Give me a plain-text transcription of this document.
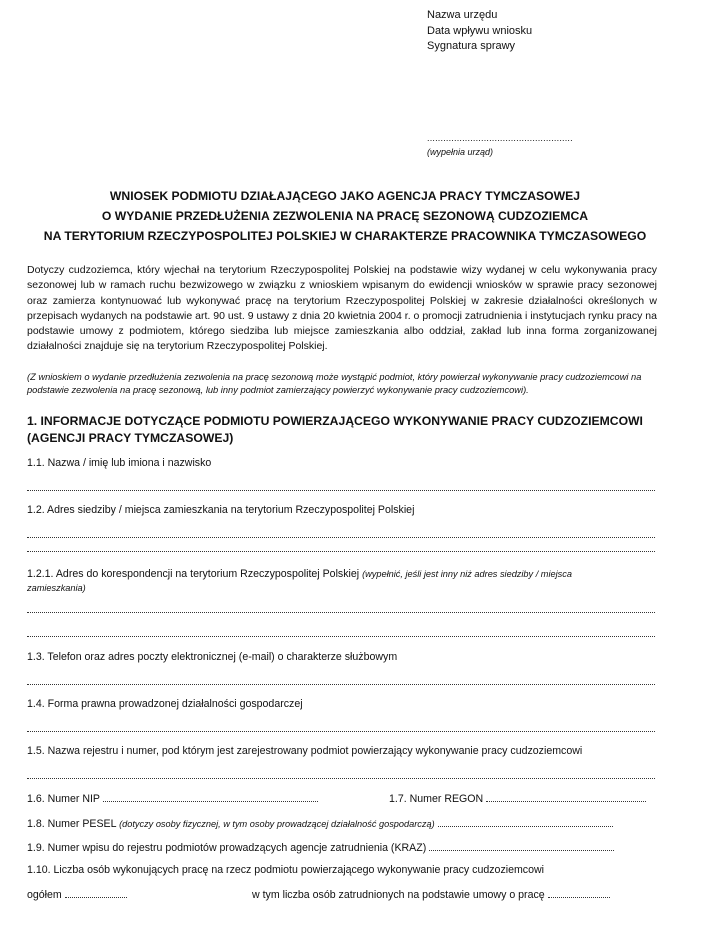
Nazwa urzędu
Data wpływu wniosku
Sygnatura sprawy
......................................................
(wypełnia urząd)
WNIOSEK PODMIOTU DZIAŁAJĄCEGO JAKO AGENCJA PRACY TYMCZASOWEJ
O WYDANIE PRZEDŁUŻENIA ZEZWOLENIA NA PRACĘ SEZONOWĄ CUDZOZIEMCA
NA TERYTORIUM RZECZYPOSPOLITEJ POLSKIEJ W CHARAKTERZE PRACOWNIKA TYMCZASOWEGO
Dotyczy cudzoziemca, który wjechał na terytorium Rzeczypospolitej Polskiej na podstawie wizy wydanej w celu wykonywania pracy sezonowej lub w ramach ruchu bezwizowego w związku z wnioskiem wpisanym do ewidencji wniosków w sprawie pracy sezonowej oraz zamierza kontynuować lub wykonywać pracę na terytorium Rzeczypospolitej Polskiej w zakresie działalności określonych w przepisach wydanych na podstawie art. 90 ust. 9 ustawy z dnia 20 kwietnia 2004 r. o promocji zatrudnienia i instytucjach rynku pracy na podstawie umowy z podmiotem, którego siedziba lub miejsce zamieszkania albo oddział, zakład lub inna forma zorganizowanej działalności znajduje się na terytorium Rzeczypospolitej Polskiej.
(Z wnioskiem o wydanie przedłużenia zezwolenia na pracę sezonową może wystąpić podmiot, który powierzał wykonywanie pracy cudzoziemcowi na podstawie zezwolenia na pracę sezonową, lub inny podmiot zamierzający powierzyć wykonywanie pracy cudzoziemcowi).
1. INFORMACJE DOTYCZĄCE PODMIOTU POWIERZAJĄCEGO WYKONYWANIE PRACY CUDZOZIEMCOWI (AGENCJI PRACY TYMCZASOWEJ)
1.1. Nazwa / imię lub imiona i nazwisko
1.2. Adres siedziby / miejsca zamieszkania na terytorium Rzeczypospolitej Polskiej
1.2.1. Adres do korespondencji na terytorium Rzeczypospolitej Polskiej (wypełnić, jeśli jest inny niż adres siedziby / miejsca
zamieszkania)
1.3. Telefon oraz adres poczty elektronicznej (e-mail) o charakterze służbowym
1.4. Forma prawna prowadzonej działalności gospodarczej
1.5. Nazwa rejestru i numer, pod którym jest zarejestrowany podmiot powierzający wykonywanie pracy cudzoziemcowi
1.6. Numer NIP	1.7. Numer REGON
1.8. Numer PESEL (dotyczy osoby fizycznej, w tym osoby prowadzącej działalność gospodarczą)
1.9. Numer wpisu do rejestru podmiotów prowadzących agencje zatrudnienia (KRAZ)
1.10. Liczba osób wykonujących pracę na rzecz podmiotu powierzającego wykonywanie pracy cudzoziemcowi
ogółem	w tym liczba osób zatrudnionych na podstawie umowy o pracę
